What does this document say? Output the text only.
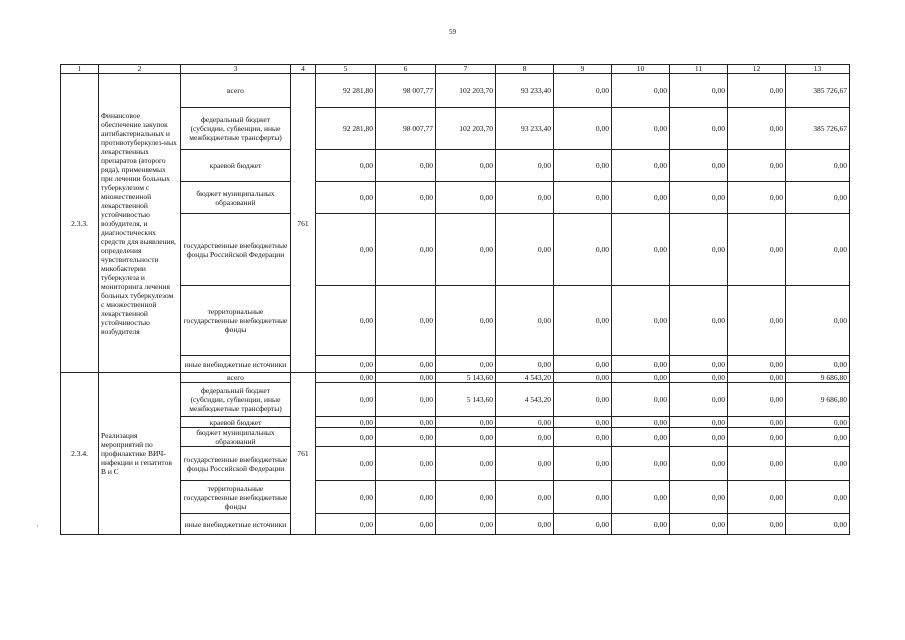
59
1	2	3	4	5	6	7	8	9	10	11	12	13
2.3.3.	Финансовое обеспечение закупок антибактериальных и противотуберкулез-ных лекарственных препаратов (второго ряда), применяемых при лечении больных туберкулезом с множественной лекарственной устойчивостью возбудителя, и диагностических средств для выявления, определения чувствительности микобактерии туберкулеза и мониторинга лечения больных туберкулезом с множественной лекарственной устойчивостью возбудителя	всего	761	92 281,80	98 007,77	102 203,70	93 233,40	0,00	0,00	0,00	0,00	385 726,67
		федеральный бюджет (субсидии, субвенции, иные межбюджетные трансферты)		92 281,80	98 007,77	102 203,70	93 233,40	0,00	0,00	0,00	0,00	385 726,67
		краевой бюджет		0,00	0,00	0,00	0,00	0,00	0,00	0,00	0,00	0,00
		бюджет муниципальных образований		0,00	0,00	0,00	0,00	0,00	0,00	0,00	0,00	0,00
		государственные внебюджетные фонды Российской Федерации		0,00	0,00	0,00	0,00	0,00	0,00	0,00	0,00	0,00
		территориальные государственные внебюджетные фонды		0,00	0,00	0,00	0,00	0,00	0,00	0,00	0,00	0,00
		иные внебюджетные источники		0,00	0,00	0,00	0,00	0,00	0,00	0,00	0,00	0,00
2.3.4.	Реализация мероприятий по профилактике ВИЧ-инфекции и гепатитов В и С	всего	761	0,00	0,00	5 143,60	4 543,20	0,00	0,00	0,00	0,00	9 686,80
		федеральный бюджет (субсидии, субвенции, иные межбюджетные трансферты)		0,00	0,00	5 143,60	4 543,20	0,00	0,00	0,00	0,00	9 686,80
		краевой бюджет		0,00	0,00	0,00	0,00	0,00	0,00	0,00	0,00	0,00
		бюджет муниципальных образований		0,00	0,00	0,00	0,00	0,00	0,00	0,00	0,00	0,00
		государственные внебюджетные фонды Российской Федерации		0,00	0,00	0,00	0,00	0,00	0,00	0,00	0,00	0,00
		территориальные государственные внебюджетные фонды		0,00	0,00	0,00	0,00	0,00	0,00	0,00	0,00	0,00
		иные внебюджетные источники		0,00	0,00	0,00	0,00	0,00	0,00	0,00	0,00	0,00
'
